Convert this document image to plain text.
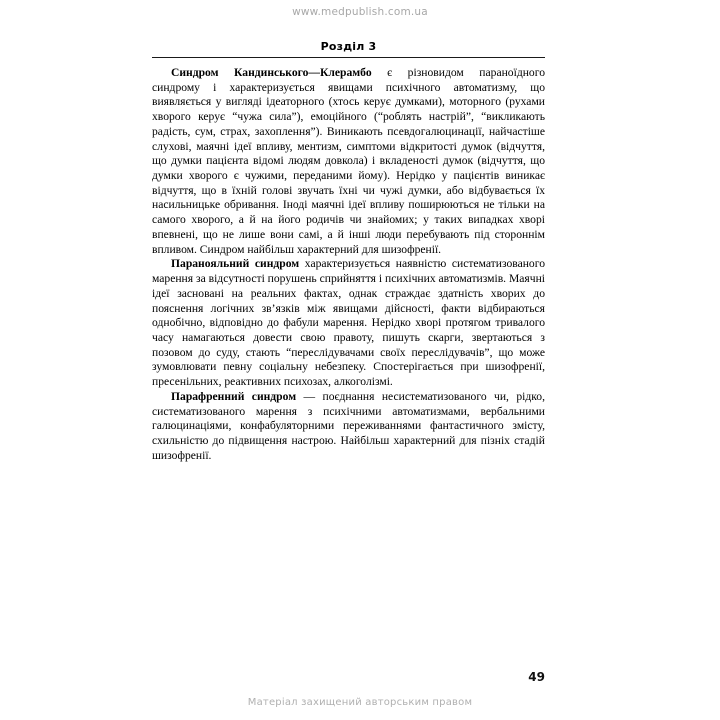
www.medpublish.com.ua
Розділ 3

Синдром Кандинського—Клерамбо є різновидом параноїдного синдрому і характеризується явищами психічного автоматизму, що виявляється у вигляді ідеаторного (хтось керує думками), моторного (рухами хворого керує “чужа сила”), емоційного (“роблять настрій”, “викликають радість, сум, страх, захоплення”). Виникають псевдогалюцинації, найчастіше слухові, маячні ідеї впливу, ментизм, симптоми відкритості думок (відчуття, що думки пацієнта відомі людям довкола) і вкладеності думок (відчуття, що думки хворого є чужими, переданими йому). Нерідко у пацієнтів виникає відчуття, що в їхній голові звучать їхні чи чужі думки, або відбувається їх насильницьке обривання. Іноді маячні ідеї впливу поширюються не тільки на самого хворого, а й на його родичів чи знайомих; у таких випадках хворі впевнені, що не лише вони самі, а й інші люди перебувають під стороннім впливом. Синдром найбільш характерний для шизофренії.

Паранояльний синдром характеризується наявністю систематизованого марення за відсутності порушень сприйняття і психічних автоматизмів. Маячні ідеї засновані на реальних фактах, однак страждає здатність хворих до пояснення логічних зв’язків між явищами дійсності, факти відбираються однобічно, відповідно до фабули марення. Нерідко хворі протягом тривалого часу намагаються довести свою правоту, пишуть скарги, звертаються з позовом до суду, стають “переслідувачами своїх переслідувачів”, що може зумовлювати певну соціальну небезпеку. Спостерігається при шизофренії, пресенільних, реактивних психозах, алкоголізмі.

Парафренний синдром — поєднання несистематизованого чи, рідко, систематизованого марення з психічними автоматизмами, вербальними галюцинаціями, конфабуляторними переживаннями фантастичного змісту, схильністю до підвищення настрою. Найбільш характерний для пізніх стадій шизофренії.

49
Матеріал захищений авторським правом
